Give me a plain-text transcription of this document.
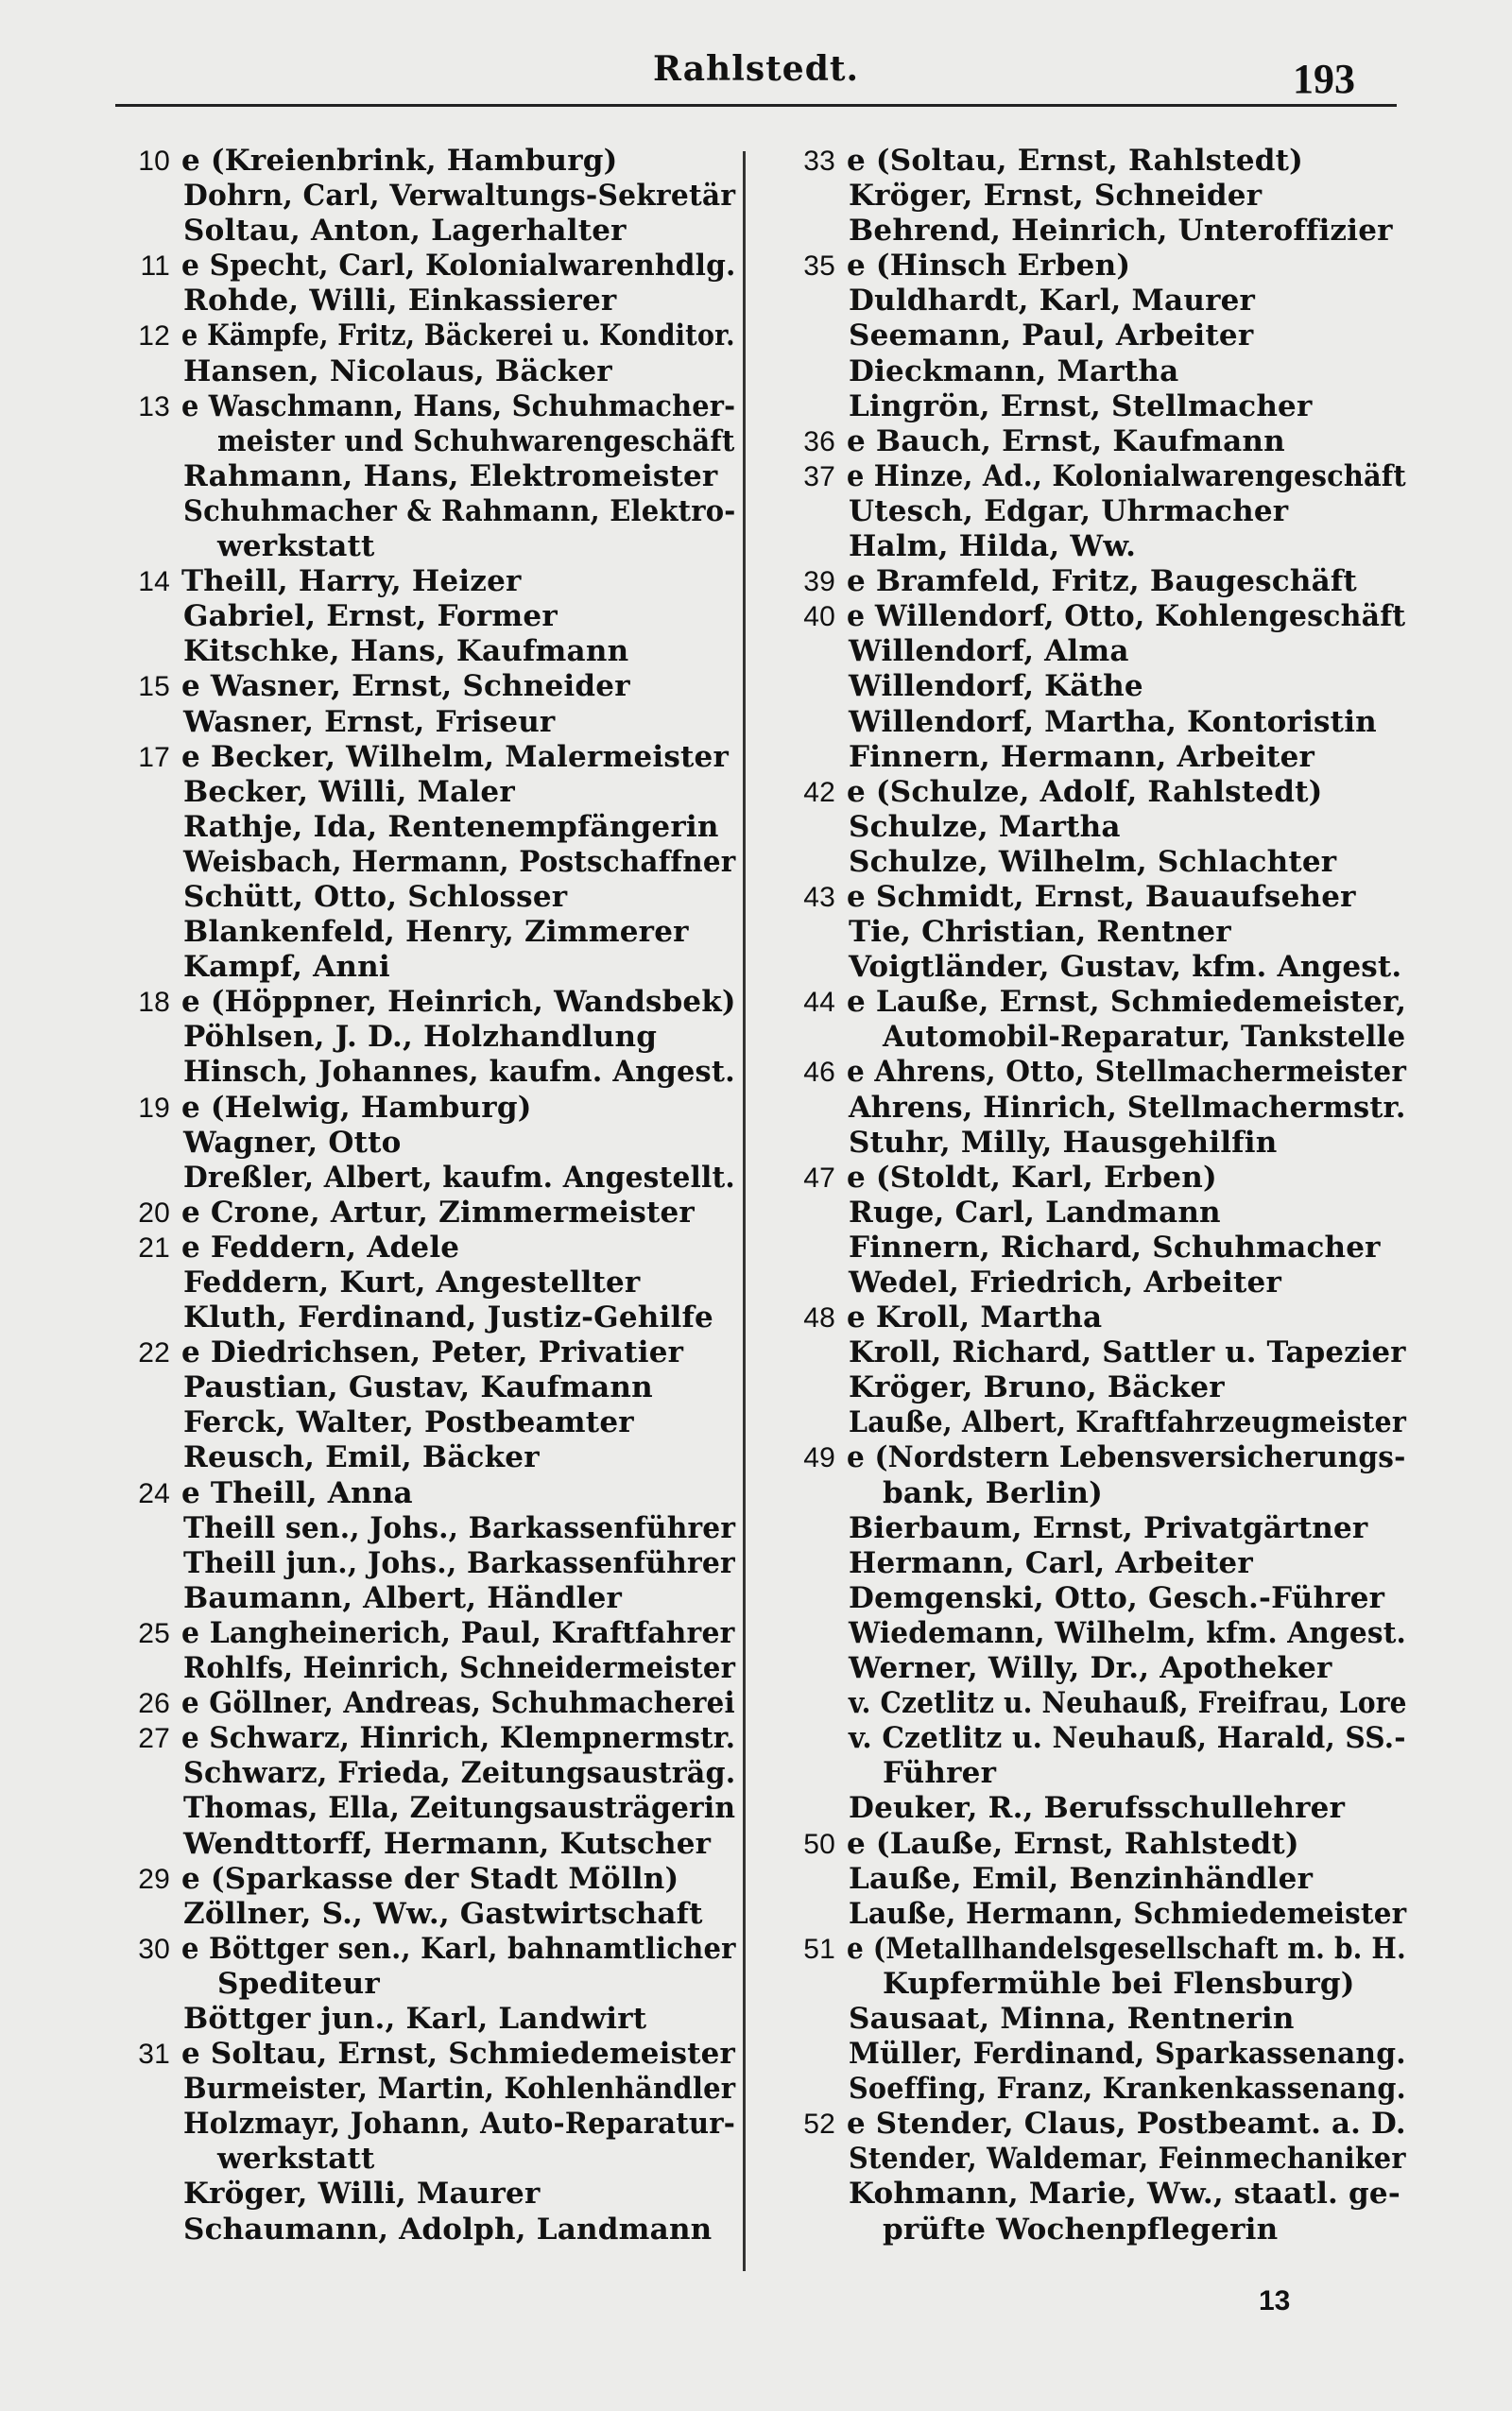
Rahlstedt.	193
10 e (Kreienbrink, Hamburg)
Dohrn, Carl, Verwaltungs-Sekretär
Soltau, Anton, Lagerhalter
11 e Specht, Carl, Kolonialwarenhdlg.
Rohde, Willi, Einkassierer
12 e Kämpfe, Fritz, Bäckerei u. Konditor.
Hansen, Nicolaus, Bäcker
13 e Waschmann, Hans, Schuhmacher-
meister und Schuhwarengeschäft
Rahmann, Hans, Elektromeister
Schuhmacher & Rahmann, Elektro-
werkstatt
14 Theill, Harry, Heizer
Gabriel, Ernst, Former
Kitschke, Hans, Kaufmann
15 e Wasner, Ernst, Schneider
Wasner, Ernst, Friseur
17 e Becker, Wilhelm, Malermeister
Becker, Willi, Maler
Rathje, Ida, Rentenempfängerin
Weisbach, Hermann, Postschaffner
Schütt, Otto, Schlosser
Blankenfeld, Henry, Zimmerer
Kampf, Anni
18 e (Höppner, Heinrich, Wandsbek)
Pöhlsen, J. D., Holzhandlung
Hinsch, Johannes, kaufm. Angest.
19 e (Helwig, Hamburg)
Wagner, Otto
Dreßler, Albert, kaufm. Angestellt.
20 e Crone, Artur, Zimmermeister
21 e Feddern, Adele
Feddern, Kurt, Angestellter
Kluth, Ferdinand, Justiz-Gehilfe
22 e Diedrichsen, Peter, Privatier
Paustian, Gustav, Kaufmann
Ferck, Walter, Postbeamter
Reusch, Emil, Bäcker
24 e Theill, Anna
Theill sen., Johs., Barkassenführer
Theill jun., Johs., Barkassenführer
Baumann, Albert, Händler
25 e Langheinerich, Paul, Kraftfahrer
Rohlfs, Heinrich, Schneidermeister
26 e Göllner, Andreas, Schuhmacherei
27 e Schwarz, Hinrich, Klempnermstr.
Schwarz, Frieda, Zeitungsausträg.
Thomas, Ella, Zeitungsausträgerin
Wendttorff, Hermann, Kutscher
29 e (Sparkasse der Stadt Mölln)
Zöllner, S., Ww., Gastwirtschaft
30 e Böttger sen., Karl, bahnamtlicher
Spediteur
Böttger jun., Karl, Landwirt
31 e Soltau, Ernst, Schmiedemeister
Burmeister, Martin, Kohlenhändler
Holzmayr, Johann, Auto-Reparatur-
werkstatt
Kröger, Willi, Maurer
Schaumann, Adolph, Landmann
33 e (Soltau, Ernst, Rahlstedt)
Kröger, Ernst, Schneider
Behrend, Heinrich, Unteroffizier
35 e (Hinsch Erben)
Duldhardt, Karl, Maurer
Seemann, Paul, Arbeiter
Dieckmann, Martha
Lingrön, Ernst, Stellmacher
36 e Bauch, Ernst, Kaufmann
37 e Hinze, Ad., Kolonialwarengeschäft
Utesch, Edgar, Uhrmacher
Halm, Hilda, Ww.
39 e Bramfeld, Fritz, Baugeschäft
40 e Willendorf, Otto, Kohlengeschäft
Willendorf, Alma
Willendorf, Käthe
Willendorf, Martha, Kontoristin
Finnern, Hermann, Arbeiter
42 e (Schulze, Adolf, Rahlstedt)
Schulze, Martha
Schulze, Wilhelm, Schlachter
43 e Schmidt, Ernst, Bauaufseher
Tie, Christian, Rentner
Voigtländer, Gustav, kfm. Angest.
44 e Lauße, Ernst, Schmiedemeister,
Automobil-Reparatur, Tankstelle
46 e Ahrens, Otto, Stellmachermeister
Ahrens, Hinrich, Stellmachermstr.
Stuhr, Milly, Hausgehilfin
47 e (Stoldt, Karl, Erben)
Ruge, Carl, Landmann
Finnern, Richard, Schuhmacher
Wedel, Friedrich, Arbeiter
48 e Kroll, Martha
Kroll, Richard, Sattler u. Tapezier
Kröger, Bruno, Bäcker
Lauße, Albert, Kraftfahrzeugmeister
49 e (Nordstern Lebensversicherungs-
bank, Berlin)
Bierbaum, Ernst, Privatgärtner
Hermann, Carl, Arbeiter
Demgenski, Otto, Gesch.-Führer
Wiedemann, Wilhelm, kfm. Angest.
Werner, Willy, Dr., Apotheker
v. Czetlitz u. Neuhauß, Freifrau, Lore
v. Czetlitz u. Neuhauß, Harald, SS.-
Führer
Deuker, R., Berufsschullehrer
50 e (Lauße, Ernst, Rahlstedt)
Lauße, Emil, Benzinhändler
Lauße, Hermann, Schmiedemeister
51 e (Metallhandelsgesellschaft m. b. H.
Kupfermühle bei Flensburg)
Sausaat, Minna, Rentnerin
Müller, Ferdinand, Sparkassenang.
Soeffing, Franz, Krankenkassenang.
52 e Stender, Claus, Postbeamt. a. D.
Stender, Waldemar, Feinmechaniker
Kohmann, Marie, Ww., staatl. ge-
prüfte Wochenpflegerin
13
